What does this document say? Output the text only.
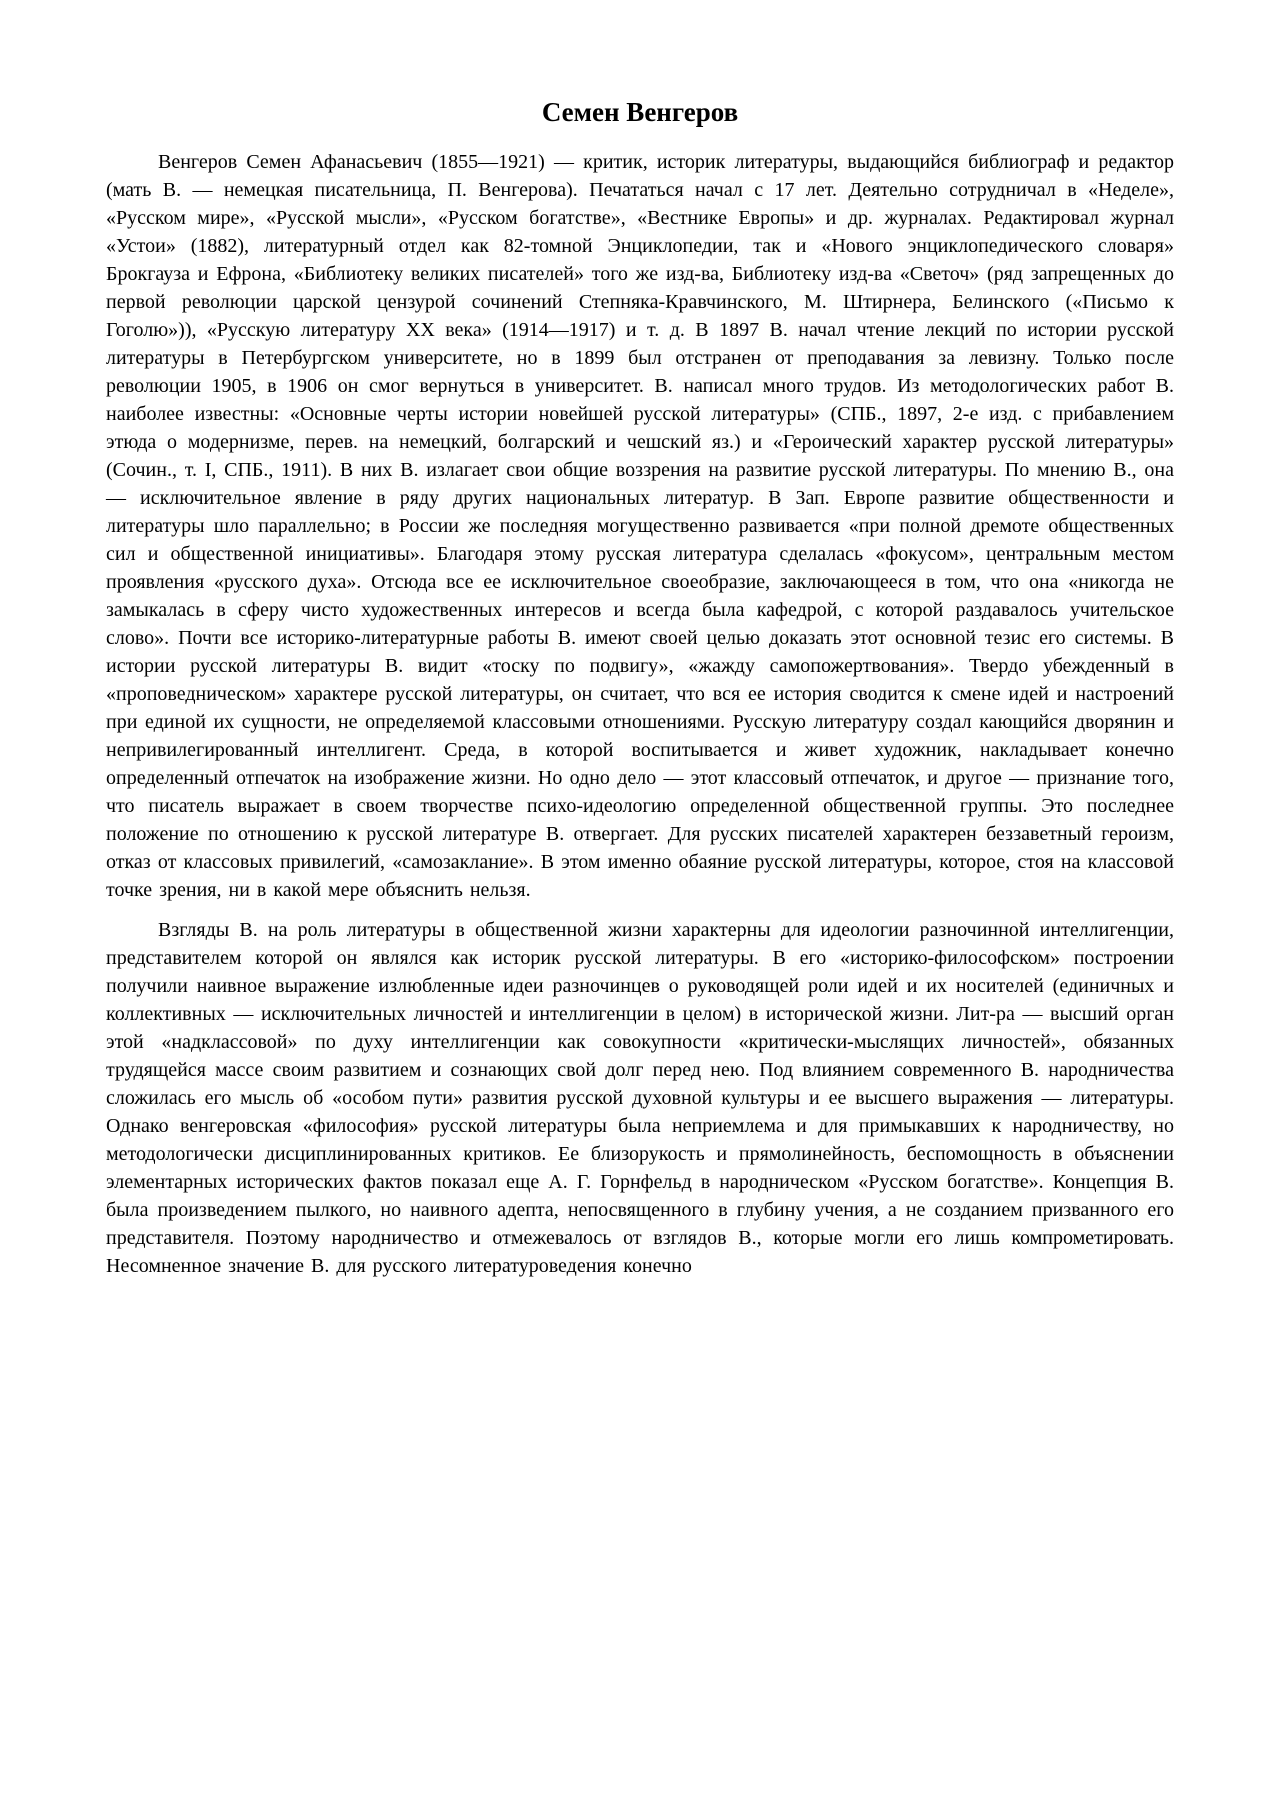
Семен Венгеров

Венгеров Семен Афанасьевич (1855—1921) — критик, историк литературы, выдающийся библиограф и редактор (мать В. — немецкая писательница, П. Венгерова). Печататься начал с 17 лет. Деятельно сотрудничал в «Неделе», «Русском мире», «Русской мысли», «Русском богатстве», «Вестнике Европы» и др. журналах. Редактировал журнал «Устои» (1882), литературный отдел как 82-томной Энциклопедии, так и «Нового энциклопедического словаря» Брокгауза и Ефрона, «Библиотеку великих писателей» того же изд-ва, Библиотеку изд-ва «Светоч» (ряд запрещенных до первой революции царской цензурой сочинений Степняка-Кравчинского, М. Штирнера, Белинского («Письмо к Гоголю»)), «Русскую литературу XX века» (1914—1917) и т. д. В 1897 В. начал чтение лекций по истории русской литературы в Петербургском университете, но в 1899 был отстранен от преподавания за левизну. Только после революции 1905, в 1906 он смог вернуться в университет. В. написал много трудов. Из методологических работ В. наиболее известны: «Основные черты истории новейшей русской литературы» (СПБ., 1897, 2-е изд. с прибавлением этюда о модернизме, перев. на немецкий, болгарский и чешский яз.) и «Героический характер русской литературы» (Сочин., т. I, СПБ., 1911). В них В. излагает свои общие воззрения на развитие русской литературы. По мнению В., она — исключительное явление в ряду других национальных литератур. В Зап. Европе развитие общественности и литературы шло параллельно; в России же последняя могущественно развивается «при полной дремоте общественных сил и общественной инициативы». Благодаря этому русская литература сделалась «фокусом», центральным местом проявления «русского духа». Отсюда все ее исключительное своеобразие, заключающееся в том, что она «никогда не замыкалась в сферу чисто художественных интересов и всегда была кафедрой, с которой раздавалось учительское слово». Почти все историко-литературные работы В. имеют своей целью доказать этот основной тезис его системы. В истории русской литературы В. видит «тоску по подвигу», «жажду самопожертвования». Твердо убежденный в «проповедническом» характере русской литературы, он считает, что вся ее история сводится к смене идей и настроений при единой их сущности, не определяемой классовыми отношениями. Русскую литературу создал кающийся дворянин и непривилегированный интеллигент. Среда, в которой воспитывается и живет художник, накладывает конечно определенный отпечаток на изображение жизни. Но одно дело — этот классовый отпечаток, и другое — признание того, что писатель выражает в своем творчестве психо-идеологию определенной общественной группы. Это последнее положение по отношению к русской литературе В. отвергает. Для русских писателей характерен беззаветный героизм, отказ от классовых привилегий, «самозаклание». В этом именно обаяние русской литературы, которое, стоя на классовой точке зрения, ни в какой мере объяснить нельзя.

Взгляды В. на роль литературы в общественной жизни характерны для идеологии разночинной интеллигенции, представителем которой он являлся как историк русской литературы. В его «историко-философском» построении получили наивное выражение излюбленные идеи разночинцев о руководящей роли идей и их носителей (единичных и коллективных — исключительных личностей и интеллигенции в целом) в исторической жизни. Лит-ра — высший орган этой «надклассовой» по духу интеллигенции как совокупности «критически-мыслящих личностей», обязанных трудящейся массе своим развитием и сознающих свой долг перед нею. Под влиянием современного В. народничества сложилась его мысль об «особом пути» развития русской духовной культуры и ее высшего выражения — литературы. Однако венгеровская «философия» русской литературы была неприемлема и для примыкавших к народничеству, но методологически дисциплинированных критиков. Ее близорукость и прямолинейность, беспомощность в объяснении элементарных исторических фактов показал еще А. Г. Горнфельд в народническом «Русском богатстве». Концепция В. была произведением пылкого, но наивного адепта, непосвященного в глубину учения, а не созданием призванного его представителя. Поэтому народничество и отмежевалось от взглядов В., которые могли его лишь компрометировать. Несомненное значение В. для русского литературоведения конечно
